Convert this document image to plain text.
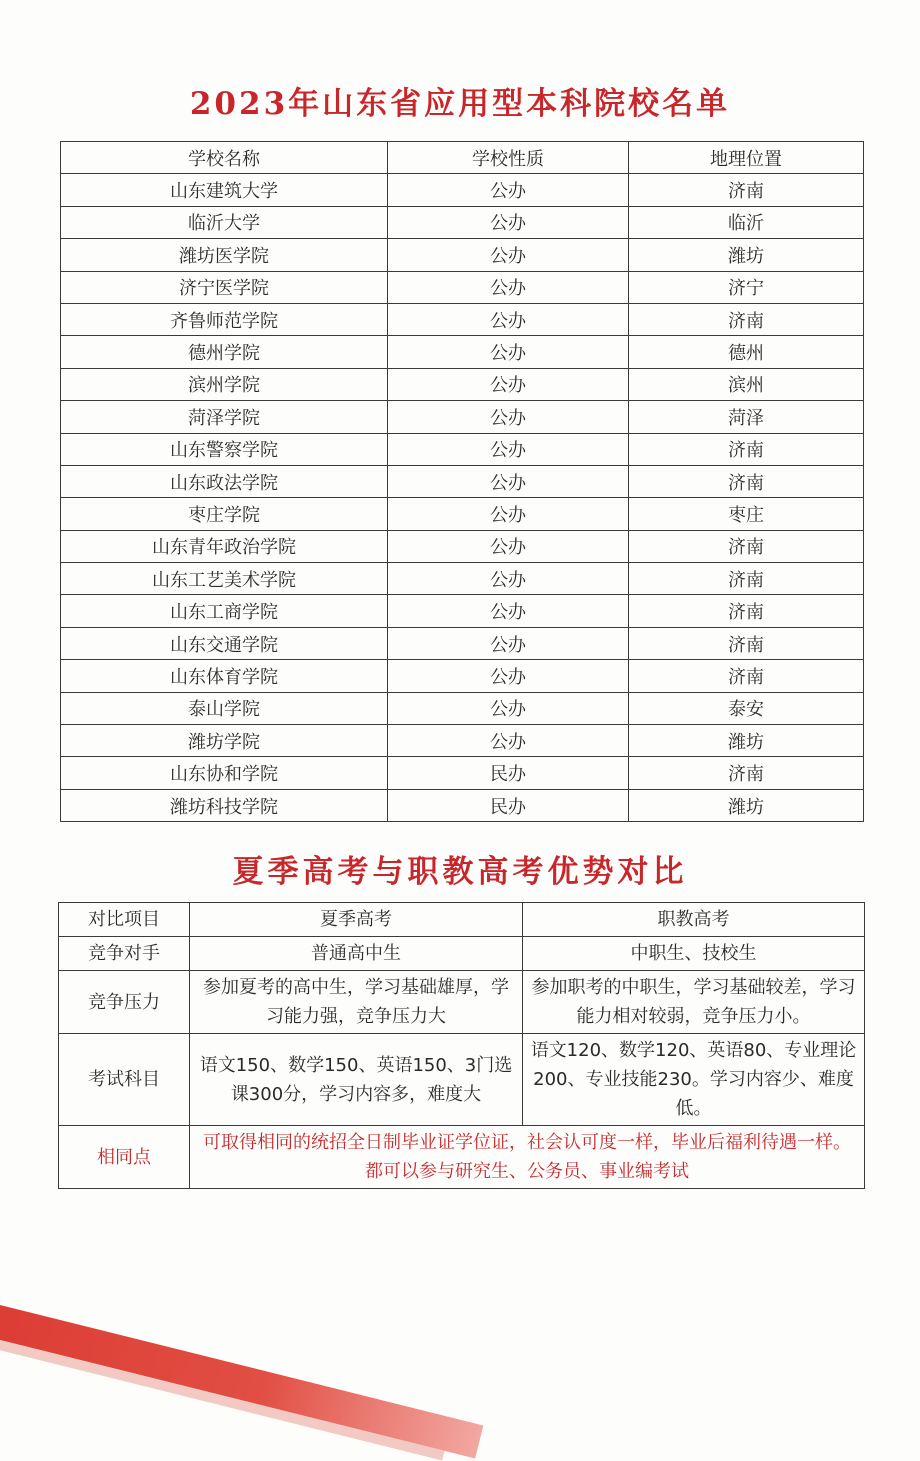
2023年山东省应用型本科院校名单
学校名称	学校性质	地理位置
山东建筑大学	公办	济南
临沂大学	公办	临沂
潍坊医学院	公办	潍坊
济宁医学院	公办	济宁
齐鲁师范学院	公办	济南
德州学院	公办	德州
滨州学院	公办	滨州
菏泽学院	公办	菏泽
山东警察学院	公办	济南
山东政法学院	公办	济南
枣庄学院	公办	枣庄
山东青年政治学院	公办	济南
山东工艺美术学院	公办	济南
山东工商学院	公办	济南
山东交通学院	公办	济南
山东体育学院	公办	济南
泰山学院	公办	泰安
潍坊学院	公办	潍坊
山东协和学院	民办	济南
潍坊科技学院	民办	潍坊
夏季高考与职教高考优势对比
对比项目	夏季高考	职教高考
竞争对手	普通高中生	中职生、技校生
竞争压力	参加夏考的高中生，学习基础雄厚，学习能力强，竞争压力大	参加职考的中职生，学习基础较差，学习能力相对较弱，竞争压力小。
考试科目	语文150、数学150、英语150、3门选课300分，学习内容多，难度大	语文120、数学120、英语80、专业理论200、专业技能230。学习内容少、难度低。
相同点	可取得相同的统招全日制毕业证学位证，社会认可度一样，毕业后福利待遇一样。都可以参与研究生、公务员、事业编考试	
